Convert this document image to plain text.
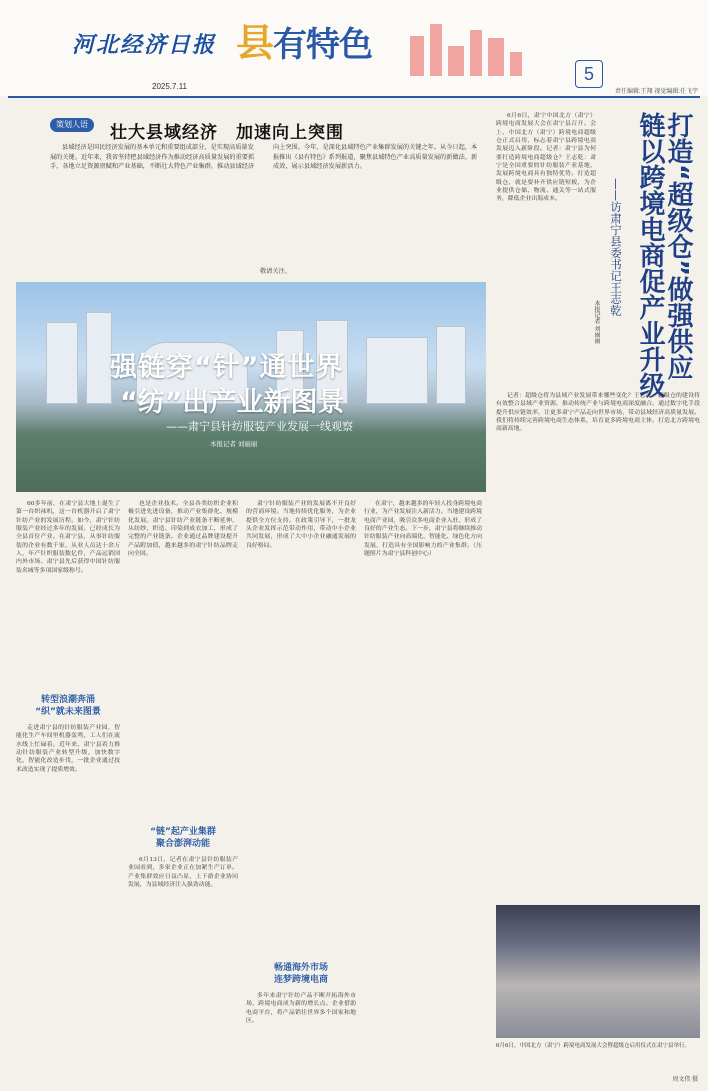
河北经济日报
2025.7.11
县有特色
5
责任编辑:王翔 视觉编辑:任飞宇
策划人语	壮大县域经济　加速向上突围
县域经济是国民经济发展的基本单元和重要组成部分，是实现高质量发展的关键。近年来，我省坚持把县域经济作为推动经济高质量发展的重要抓手，各地立足资源禀赋和产业基础，不断壮大特色产业集群，推动县域经济向上突围。今年，是深化县域特色产业集群发展的关键之年。从今日起，本报推出《县有特色》系列报道，聚焦县域特色产业高质量发展的新做法、新成效，展示县域经济发展新活力。
敬请关注。
强链穿“针”通世界
“纺”出产业新图景
——肃宁县针纺服装产业发展一线观察
本报记者 刘丽丽
60多年前，在肃宁县大地上诞生了第一台织袜机，这一台机器开启了肃宁针纺产业的发展历程。如今，肃宁针纺服装产业经过多年的发展，已经成长为全县首位产业。在肃宁县，从事针纺服装的企业有数千家，从业人员达十余万人，年产针织服装数亿件，产品远销国内外市场。肃宁县先后获得中国针纺服装名城等多项国家级称号。
转型浪潮奔涌
“织”就未来图景
走进肃宁县的针纺服装产业园，智能化生产车间里机器轰鸣，工人们在流水线上忙碌着。近年来，肃宁县着力推动针纺服装产业转型升级，加快数字化、智能化改造步伐，一批企业通过技术改造实现了提质增效。
也是企业技术。全县各类纺织企业积极引进先进设备，推动产业集群化、规模化发展。肃宁县针纺产业链条不断延伸，从纺纱、织造、印染到成衣加工，形成了完整的产业链条。企业通过品牌建设提升产品附加值，越来越多的肃宁针纺品牌走向全国。
“链”起产业集群
聚合澎湃动能
6月13日，记者在肃宁县针纺服装产业园看到，多家企业正在加紧生产订单。产业集群效应日益凸显，上下游企业协同发展，为县域经济注入强劲动能。
肃宁针纺服装产业的发展离不开良好的营商环境。当地持续优化服务，为企业提供全方位支持。在政策引导下，一批龙头企业发挥示范带动作用，带动中小企业共同发展，形成了大中小企业融通发展的良好格局。
畅通海外市场
连梦跨境电商
多年来肃宁针纺产品不断开拓海外市场，跨境电商成为新的增长点。企业借助电商平台，将产品销往世界多个国家和地区。
在肃宁，越来越多的年轻人投身跨境电商行业，为产业发展注入新活力。当地建设跨境电商产业园，吸引众多电商企业入驻，形成了良好的产业生态。下一步，肃宁县将继续推动针纺服装产业向高端化、智能化、绿色化方向发展，打造具有全国影响力的产业集群。（压题照片为肃宁县科创中心）
打造“超级仓”做强供应链以跨境电商促产业升级
——访肃宁县委书记王志乾
本报记者 刘丽丽
6月6日，肃宁中国北方（肃宁）跨境电商发展大会在肃宁县召开。会上，中国北方（肃宁）跨境电商超级仓正式启用，标志着肃宁县跨境电商发展迈入新阶段。记者：肃宁县为何要打造跨境电商超级仓？王志乾：肃宁是全国重要的针纺服装产业基地，发展跨境电商具有独特优势。打造超级仓，就是要补齐供应链短板，为企业提供仓储、物流、通关等一站式服务，降低企业出海成本。
记者：超级仓将为县域产业发展带来哪些变化？王志乾：超级仓的建设将有效整合县域产业资源，推动传统产业与跨境电商深度融合。通过数字化手段提升供应链效率，让更多肃宁产品走向世界市场，带动县域经济高质量发展。我们将持续完善跨境电商生态体系，培育更多跨境电商主体，打造北方跨境电商新高地。
6月6日，中国北方（肃宁）跨境电商发展大会暨超级仓启用仪式在肃宁县举行。
周文伟 摄
